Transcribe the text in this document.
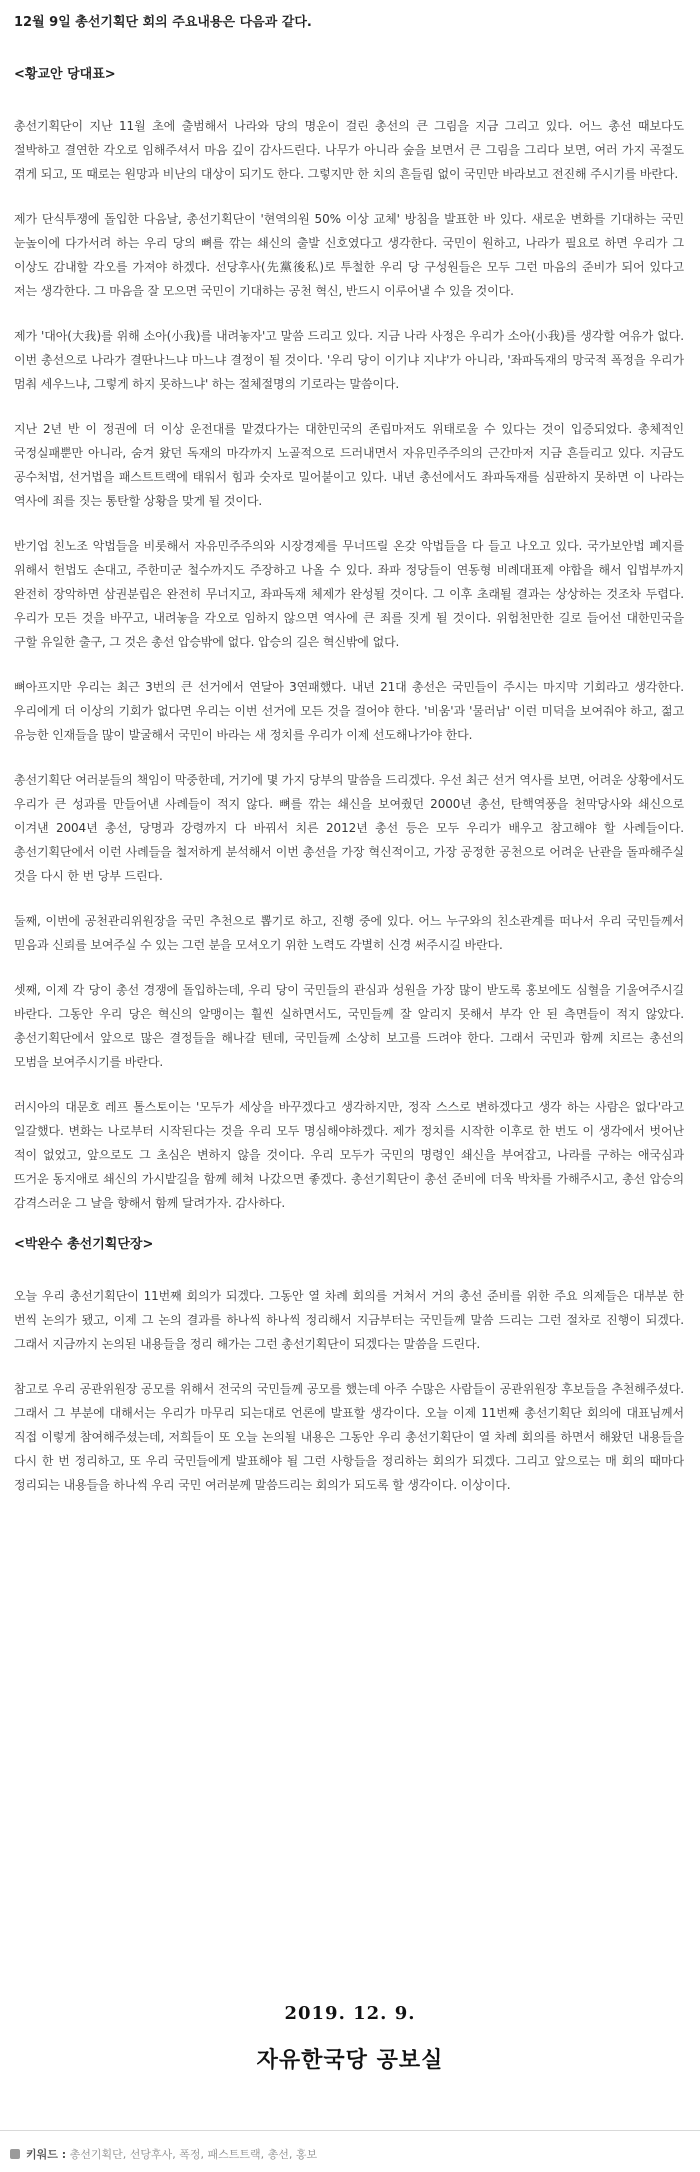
12월 9일 총선기획단 회의 주요내용은 다음과 같다.
<황교안 당대표>

총선기획단이 지난 11월 초에 출범해서 나라와 당의 명운이 걸린 총선의 큰 그림을 지금 그리고 있다. 어느 총선 때보다도 절박하고 결연한 각오로 임해주셔서 마음 깊이 감사드린다. 나무가 아니라 숲을 보면서 큰 그림을 그리다 보면, 여러 가지 곡절도 겪게 되고, 또 때로는 원망과 비난의 대상이 되기도 한다. 그렇지만 한 치의 흔들림 없이 국민만 바라보고 전진해 주시기를 바란다.

제가 단식투쟁에 돌입한 다음날, 총선기획단이 '현역의원 50% 이상 교체' 방침을 발표한 바 있다. 새로운 변화를 기대하는 국민 눈높이에 다가서려 하는 우리 당의 뼈를 깎는 쇄신의 출발 신호였다고 생각한다. 국민이 원하고, 나라가 필요로 하면 우리가 그 이상도 감내할 각오를 가져야 하겠다. 선당후사(先黨後私)로 투철한 우리 당 구성원들은 모두 그런 마음의 준비가 되어 있다고 저는 생각한다. 그 마음을 잘 모으면 국민이 기대하는 공천 혁신, 반드시 이루어낼 수 있을 것이다.

제가 '대아(大我)를 위해 소아(小我)를 내려놓자'고 말씀 드리고 있다. 지금 나라 사정은 우리가 소아(小我)를 생각할 여유가 없다. 이번 총선으로 나라가 결딴나느냐 마느냐 결정이 될 것이다. '우리 당이 이기냐 지냐'가 아니라, '좌파독재의 망국적 폭정을 우리가 멈춰 세우느냐, 그렇게 하지 못하느냐' 하는 절체절명의 기로라는 말씀이다.

지난 2년 반 이 정권에 더 이상 운전대를 맡겼다가는 대한민국의 존립마저도 위태로울 수 있다는 것이 입증되었다. 총체적인 국정실패뿐만 아니라, 숨겨 왔던 독재의 마각까지 노골적으로 드러내면서 자유민주주의의 근간마저 지금 흔들리고 있다. 지금도 공수처법, 선거법을 패스트트랙에 태워서 힘과 숫자로 밀어붙이고 있다. 내년 총선에서도 좌파독재를 심판하지 못하면 이 나라는 역사에 죄를 짓는 통탄할 상황을 맞게 될 것이다.

반기업 친노조 악법들을 비롯해서 자유민주주의와 시장경제를 무너뜨릴 온갖 악법들을 다 들고 나오고 있다. 국가보안법 폐지를 위해서 헌법도 손대고, 주한미군 철수까지도 주장하고 나올 수 있다. 좌파 정당들이 연동형 비례대표제 야합을 해서 입법부까지 완전히 장악하면 삼권분립은 완전히 무너지고, 좌파독재 체제가 완성될 것이다. 그 이후 초래될 결과는 상상하는 것조차 두렵다. 우리가 모든 것을 바꾸고, 내려놓을 각오로 임하지 않으면 역사에 큰 죄를 짓게 될 것이다. 위험천만한 길로 들어선 대한민국을 구할 유일한 출구, 그 것은 총선 압승밖에 없다. 압승의 길은 혁신밖에 없다.

뼈아프지만 우리는 최근 3번의 큰 선거에서 연달아 3연패했다. 내년 21대 총선은 국민들이 주시는 마지막 기회라고 생각한다. 우리에게 더 이상의 기회가 없다면 우리는 이번 선거에 모든 것을 걸어야 한다. '비움'과 '물러남' 이런 미덕을 보여줘야 하고, 젊고 유능한 인재들을 많이 발굴해서 국민이 바라는 새 정치를 우리가 이제 선도해나가야 한다.

총선기획단 여러분들의 책임이 막중한데, 거기에 몇 가지 당부의 말씀을 드리겠다. 우선 최근 선거 역사를 보면, 어려운 상황에서도 우리가 큰 성과를 만들어낸 사례들이 적지 않다. 뼈를 깎는 쇄신을 보여줬던 2000년 총선, 탄핵역풍을 천막당사와 쇄신으로 이겨낸 2004년 총선, 당명과 강령까지 다 바꿔서 치른 2012년 총선 등은 모두 우리가 배우고 참고해야 할 사례들이다. 총선기획단에서 이런 사례들을 철저하게 분석해서 이번 총선을 가장 혁신적이고, 가장 공정한 공천으로 어려운 난관을 돌파해주실 것을 다시 한 번 당부 드린다.

둘째, 이번에 공천관리위원장을 국민 추천으로 뽑기로 하고, 진행 중에 있다. 어느 누구와의 친소관계를 떠나서 우리 국민들께서 믿음과 신뢰를 보여주실 수 있는 그런 분을 모셔오기 위한 노력도 각별히 신경 써주시길 바란다.

셋째, 이제 각 당이 총선 경쟁에 돌입하는데, 우리 당이 국민들의 관심과 성원을 가장 많이 받도록 홍보에도 심혈을 기울여주시길 바란다. 그동안 우리 당은 혁신의 알맹이는 훨씬 실하면서도, 국민들께 잘 알리지 못해서 부각 안 된 측면들이 적지 않았다. 총선기획단에서 앞으로 많은 결정들을 해나갈 텐데, 국민들께 소상히 보고를 드려야 한다. 그래서 국민과 함께 치르는 총선의 모범을 보여주시기를 바란다.

러시아의 대문호 레프 톨스토이는 '모두가 세상을 바꾸겠다고 생각하지만, 정작 스스로 변하겠다고 생각 하는 사람은 없다'라고 일갈했다. 변화는 나로부터 시작된다는 것을 우리 모두 명심해야하겠다. 제가 정치를 시작한 이후로 한 번도 이 생각에서 벗어난 적이 없었고, 앞으로도 그 초심은 변하지 않을 것이다. 우리 모두가 국민의 명령인 쇄신을 부여잡고, 나라를 구하는 애국심과 뜨거운 동지애로 쇄신의 가시밭길을 함께 헤쳐 나갔으면 좋겠다. 총선기획단이 총선 준비에 더욱 박차를 가해주시고, 총선 압승의 감격스러운 그 날을 향해서 함께 달려가자. 감사하다.

<박완수 총선기획단장>

오늘 우리 총선기획단이 11번째 회의가 되겠다. 그동안 열 차례 회의를 거쳐서 거의 총선 준비를 위한 주요 의제들은 대부분 한 번씩 논의가 됐고, 이제 그 논의 결과를 하나씩 하나씩 정리해서 지금부터는 국민들께 말씀 드리는 그런 절차로 진행이 되겠다. 그래서 지금까지 논의된 내용들을 정리 해가는 그런 총선기획단이 되겠다는 말씀을 드린다.

참고로 우리 공관위원장 공모를 위해서 전국의 국민들께 공모를 했는데 아주 수많은 사람들이 공관위원장 후보들을 추천해주셨다. 그래서 그 부분에 대해서는 우리가 마무리 되는대로 언론에 발표할 생각이다. 오늘 이제 11번째 총선기획단 회의에 대표님께서 직접 이렇게 참여해주셨는데, 저희들이 또 오늘 논의될 내용은 그동안 우리 총선기획단이 열 차례 회의를 하면서 해왔던 내용들을 다시 한 번 정리하고, 또 우리 국민들에게 발표해야 될 그런 사항들을 정리하는 회의가 되겠다. 그리고 앞으로는 매 회의 때마다 정리되는 내용들을 하나씩 우리 국민 여러분께 말씀드리는 회의가 되도록 할 생각이다. 이상이다.

2019. 12. 9.
자유한국당 공보실
키워드 : 총선기획단, 선당후사, 폭정, 패스트트랙, 총선, 홍보
